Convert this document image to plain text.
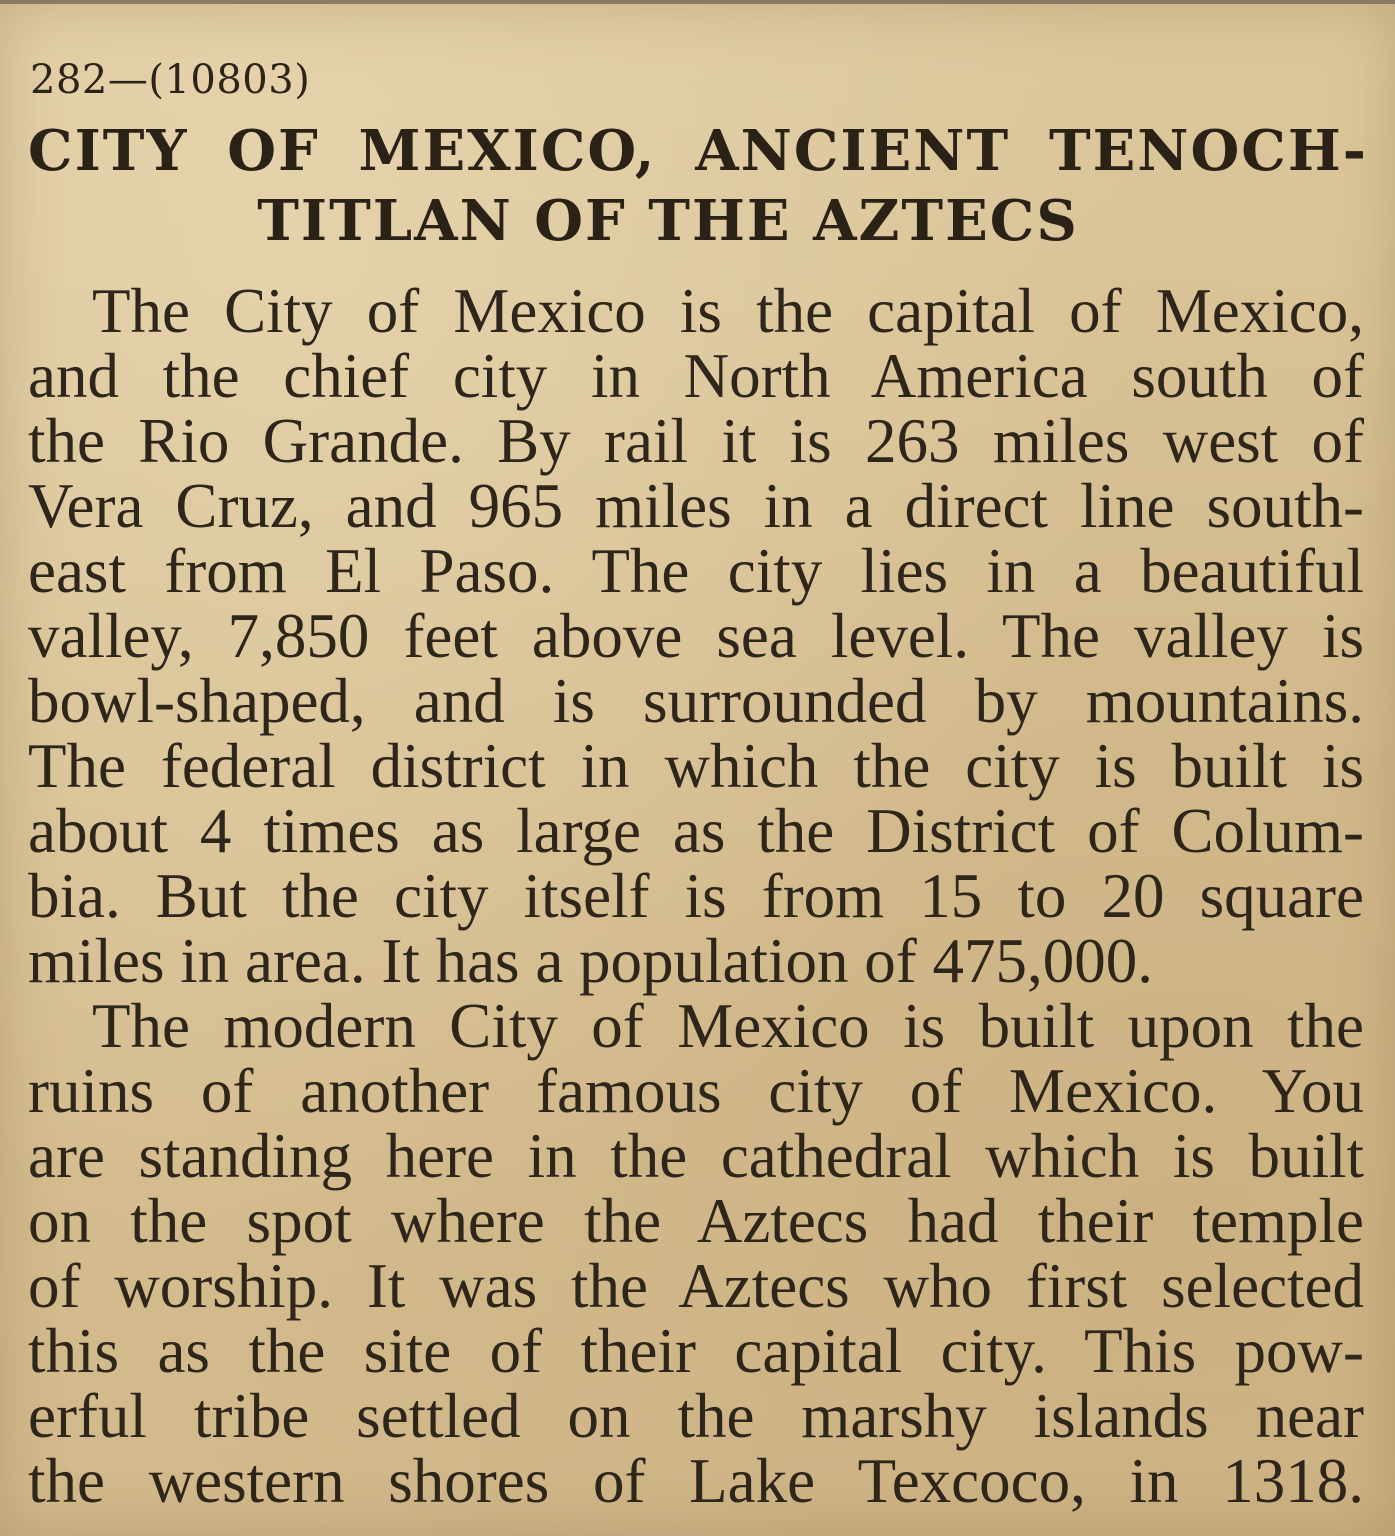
282—(10803)
CITY OF MEXICO, ANCIENT TENOCH-
TITLAN OF THE AZTECS

The City of Mexico is the capital of Mexico,
and the chief city in North America south of
the Rio Grande. By rail it is 263 miles west of
Vera Cruz, and 965 miles in a direct line south-
east from El Paso. The city lies in a beautiful
valley, 7,850 feet above sea level. The valley is
bowl-shaped, and is surrounded by mountains.
The federal district in which the city is built is
about 4 times as large as the District of Colum-
bia. But the city itself is from 15 to 20 square
miles in area. It has a population of 475,000.

The modern City of Mexico is built upon the
ruins of another famous city of Mexico. You
are standing here in the cathedral which is built
on the spot where the Aztecs had their temple
of worship. It was the Aztecs who first selected
this as the site of their capital city. This pow-
erful tribe settled on the marshy islands near
the western shores of Lake Texcoco, in 1318.
